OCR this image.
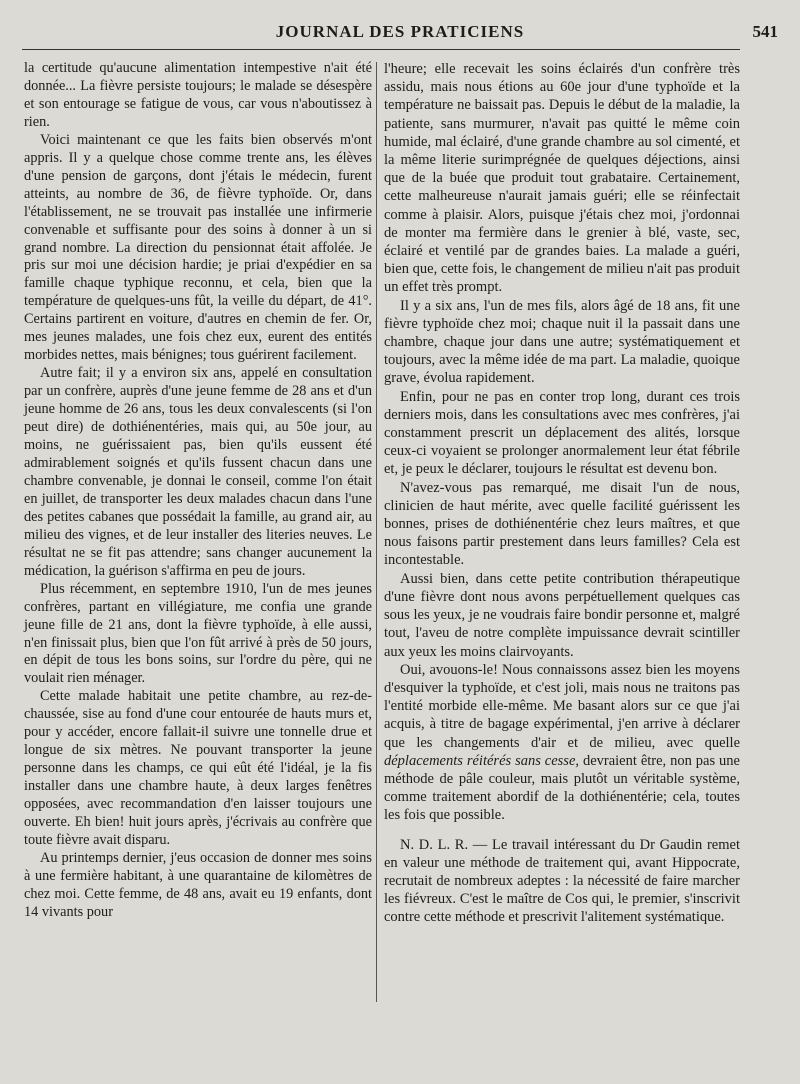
JOURNAL DES PRATICIENS	541

la certitude qu'aucune alimentation intempestive n'ait été donnée... La fièvre persiste toujours; le malade se désespère et son entourage se fatigue de vous, car vous n'aboutissez à rien.

Voici maintenant ce que les faits bien observés m'ont appris. Il y a quelque chose comme trente ans, les élèves d'une pension de garçons, dont j'étais le médecin, furent atteints, au nombre de 36, de fièvre typhoïde. Or, dans l'établissement, ne se trouvait pas installée une infirmerie convenable et suffisante pour des soins à donner à un si grand nombre. La direction du pensionnat était affolée. Je pris sur moi une décision hardie; je priai d'expédier en sa famille chaque typhique reconnu, et cela, bien que la température de quelques-uns fût, la veille du départ, de 41°. Certains partirent en voiture, d'autres en chemin de fer. Or, mes jeunes malades, une fois chez eux, eurent des entités morbides nettes, mais bénignes; tous guérirent facilement.

Autre fait; il y a environ six ans, appelé en consultation par un confrère, auprès d'une jeune femme de 28 ans et d'un jeune homme de 26 ans, tous les deux convalescents (si l'on peut dire) de dothiénentéries, mais qui, au 50e jour, au moins, ne guérissaient pas, bien qu'ils eussent été admirablement soignés et qu'ils fussent chacun dans une chambre convenable, je donnai le conseil, comme l'on était en juillet, de transporter les deux malades chacun dans l'une des petites cabanes que possédait la famille, au grand air, au milieu des vignes, et de leur installer des literies neuves. Le résultat ne se fit pas attendre; sans changer aucunement la médication, la guérison s'affirma en peu de jours.

Plus récemment, en septembre 1910, l'un de mes jeunes confrères, partant en villégiature, me confia une grande jeune fille de 21 ans, dont la fièvre typhoïde, à elle aussi, n'en finissait plus, bien que l'on fût arrivé à près de 50 jours, en dépit de tous les bons soins, sur l'ordre du père, qui ne voulait rien ménager.

Cette malade habitait une petite chambre, au rez-de-chaussée, sise au fond d'une cour entourée de hauts murs et, pour y accéder, encore fallait-il suivre une tonnelle drue et longue de six mètres. Ne pouvant transporter la jeune personne dans les champs, ce qui eût été l'idéal, je la fis installer dans une chambre haute, à deux larges fenêtres opposées, avec recommandation d'en laisser toujours une ouverte. Eh bien! huit jours après, j'écrivais au confrère que toute fièvre avait disparu.

Au printemps dernier, j'eus occasion de donner mes soins à une fermière habitant, à une quarantaine de kilomètres de chez moi. Cette femme, de 48 ans, avait eu 19 enfants, dont 14 vivants pour

l'heure; elle recevait les soins éclairés d'un confrère très assidu, mais nous étions au 60e jour d'une typhoïde et la température ne baissait pas. Depuis le début de la maladie, la patiente, sans murmurer, n'avait pas quitté le même coin humide, mal éclairé, d'une grande chambre au sol cimenté, et la même literie surimprégnée de quelques déjections, ainsi que de la buée que produit tout grabataire. Certainement, cette malheureuse n'aurait jamais guéri; elle se réinfectait comme à plaisir. Alors, puisque j'étais chez moi, j'ordonnai de monter ma fermière dans le grenier à blé, vaste, sec, éclairé et ventilé par de grandes baies. La malade a guéri, bien que, cette fois, le changement de milieu n'ait pas produit un effet très prompt.

Il y a six ans, l'un de mes fils, alors âgé de 18 ans, fit une fièvre typhoïde chez moi; chaque nuit il la passait dans une chambre, chaque jour dans une autre; systématiquement et toujours, avec la même idée de ma part. La maladie, quoique grave, évolua rapidement.

Enfin, pour ne pas en conter trop long, durant ces trois derniers mois, dans les consultations avec mes confrères, j'ai constamment prescrit un déplacement des alités, lorsque ceux-ci voyaient se prolonger anormalement leur état fébrile et, je peux le déclarer, toujours le résultat est devenu bon.

N'avez-vous pas remarqué, me disait l'un de nous, clinicien de haut mérite, avec quelle facilité guérissent les bonnes, prises de dothiénentérie chez leurs maîtres, et que nous faisons partir prestement dans leurs familles? Cela est incontestable.

Aussi bien, dans cette petite contribution thérapeutique d'une fièvre dont nous avons perpétuellement quelques cas sous les yeux, je ne voudrais faire bondir personne et, malgré tout, l'aveu de notre complète impuissance devrait scintiller aux yeux les moins clairvoyants.

Oui, avouons-le! Nous connaissons assez bien les moyens d'esquiver la typhoïde, et c'est joli, mais nous ne traitons pas l'entité morbide elle-même. Me basant alors sur ce que j'ai acquis, à titre de bagage expérimental, j'en arrive à déclarer que les changements d'air et de milieu, avec quelle déplacements réitérés sans cesse, devraient être, non pas une méthode de pâle couleur, mais plutôt un véritable système, comme traitement abordif de la dothiénentérie; cela, toutes les fois que possible.

N. D. L. R. — Le travail intéressant du Dr Gaudin remet en valeur une méthode de traitement qui, avant Hippocrate, recrutait de nombreux adeptes : la nécessité de faire marcher les fiévreux. C'est le maître de Cos qui, le premier, s'inscrivit contre cette méthode et prescrivit l'alitement systématique.
